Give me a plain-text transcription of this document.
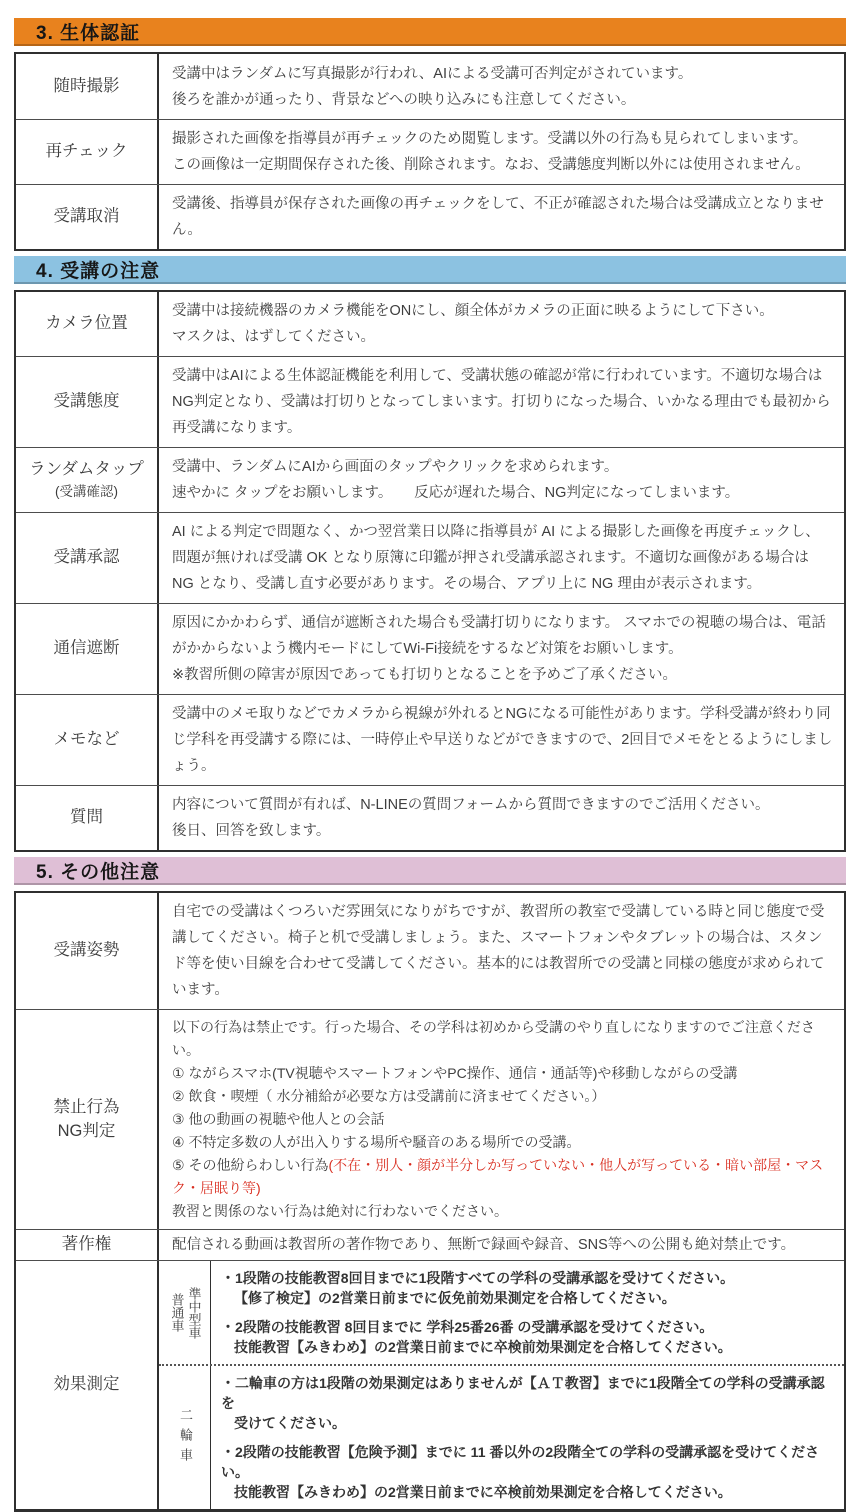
3. 生体認証
随時撮影

受講中はランダムに写真撮影が行われ、AIによる受講可否判定がされています。

後ろを誰かが通ったり、背景などへの映り込みにも注意してください。

再チェック

撮影された画像を指導員が再チェックのため閲覧します。受講以外の行為も見られてしまいます。

この画像は一定期間保存された後、削除されます。なお、受講態度判断以外には使用されません。

受講取消

受講後、指導員が保存された画像の再チェックをして、不正が確認された場合は受講成立となりません。

4. 受講の注意
カメラ位置

受講中は接続機器のカメラ機能をONにし、顔全体がカメラの正面に映るようにして下さい。

マスクは、はずしてください。

受講態度

受講中はAIによる生体認証機能を利用して、受講状態の確認が常に行われています。不適切な場合はNG判定となり、受講は打切りとなってしまいます。打切りになった場合、いかなる理由でも最初から再受講になります。

ランダムタップ
(受講確認)

受講中、ランダムにAIから画面のタップやクリックを求められます。

速やかに タップをお願いします。　　反応が遅れた場合、NG判定になってしまいます。

受講承認

AI による判定で問題なく、かつ翌営業日以降に指導員が AI による撮影した画像を再度チェックし、問題が無ければ受講 OK となり原簿に印鑑が押され受講承認されます。不適切な画像がある場合は NG となり、受講し直す必要があります。その場合、アプリ上に NG 理由が表示されます。

通信遮断

原因にかかわらず、通信が遮断された場合も受講打切りになります。 スマホでの視聴の場合は、電話がかからないよう機内モードにしてWi-Fi接続をするなど対策をお願いします。

※教習所側の障害が原因であっても打切りとなることを予めご了承ください。

メモなど

受講中のメモ取りなどでカメラから視線が外れるとNGになる可能性があります。学科受講が終わり同じ学科を再受講する際には、一時停止や早送りなどができますので、2回目でメモをとるようにしましょう。

質問

内容について質問が有れば、N-LINEの質問フォームから質問できますのでご活用ください。

後日、回答を致します。

5. その他注意
受講姿勢

自宅での受講はくつろいだ雰囲気になりがちですが、教習所の教室で受講している時と同じ態度で受講してください。椅子と机で受講しましょう。また、スマートフォンやタブレットの場合は、スタンド等を使い目線を合わせて受講してください。基本的には教習所での受講と同様の態度が求められています。

禁止行為
NG判定

以下の行為は禁止です。行った場合、その学科は初めから受講のやり直しになりますのでご注意ください。

① ながらスマホ(TV視聴やスマートフォンやPC操作、通信・通話等)や移動しながらの受講

② 飲食・喫煙（ 水分補給が必要な方は受講前に済ませてください。）

③ 他の動画の視聴や他人との会話

④ 不特定多数の人が出入りする場所や騒音のある場所での受講。

⑤ その他紛らわしい行為(不在・別人・顔が半分しか写っていない・他人が写っている・暗い部屋・マスク・居眠り等)

教習と関係のない行為は絶対に行わないでください。

著作権	配信される動画は教習所の著作物であり、無断で録画や録音、SNS等への公開も絶対禁止です。

効果測定
準中型車
普通車

・1段階の技能教習8回目までに1段階すべての学科の受講承認を受けてください。

【修了検定】の2営業日前までに仮免前効果測定を合格してください。

・2段階の技能教習 8回目までに 学科25番26番 の受講承認を受けてください。

技能教習【みきわめ】の2営業日前までに卒検前効果測定を合格してください。

二輪車

・二輪車の方は1段階の効果測定はありませんが【ＡＴ教習】までに1段階全ての学科の受講承認を

受けてください。

・2段階の技能教習【危険予測】までに 11 番以外の2段階全ての学科の受講承認を受けてください。

技能教習【みきわめ】の2営業日前までに卒検前効果測定を合格してください。
